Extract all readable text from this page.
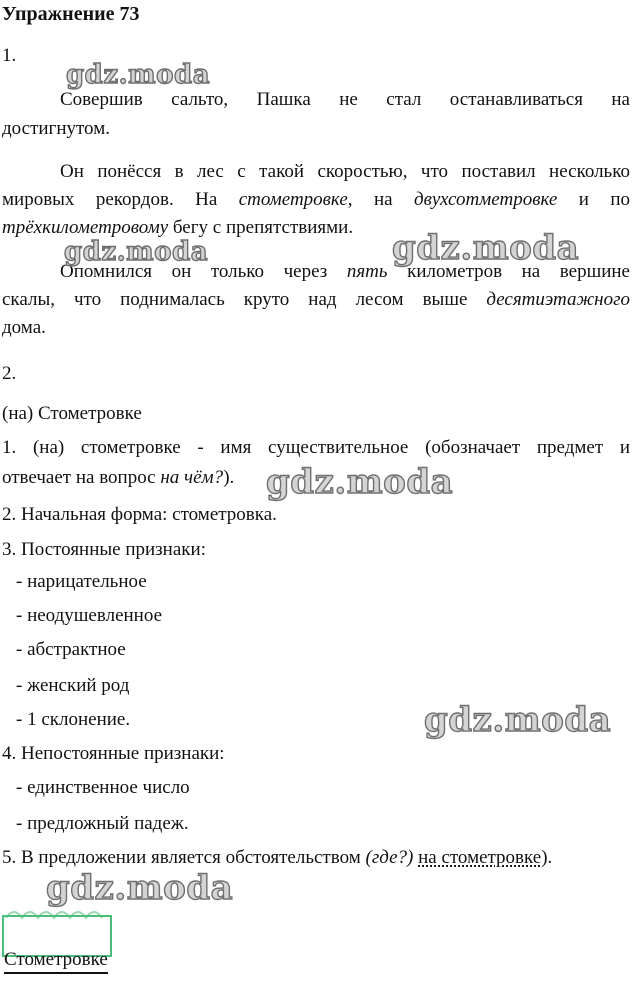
Упражнение 73
1.
Совершив сальто, Пашка не стал останавливаться на
достигнутом.
Он понёсся в лес с такой скоростью, что поставил несколько
мировых рекордов. На стометровке, на двухсотметровке и по
трёхкилометровому бегу с препятствиями.
Опомнился он только через пять километров на вершине
скалы, что поднималась круто над лесом выше десятиэтажного
дома.
2.
(на) Стометровке
1. (на) стометровке - имя существительное (обозначает предмет и
отвечает на вопрос на чём?).
2. Начальная форма: стометровка.
3. Постоянные признаки:
- нарицательное
- неодушевленное
- абстрактное
- женский род
- 1 склонение.
4. Непостоянные признаки:
- единственное число
- предложный падеж.
5. В предложении является обстоятельством (где?) на стометровке).
Стометровке
gdz.moda
gdz.moda	gdz.moda
gdz.moda
gdz.moda
gdz.moda
